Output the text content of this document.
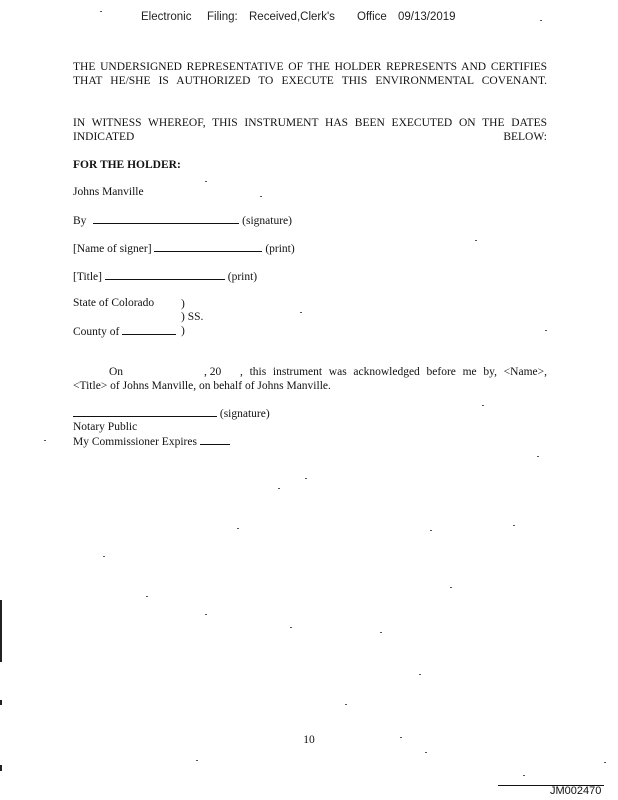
Electronic Filing: Received,Clerk's Office 09/13/2019

THE UNDERSIGNED REPRESENTATIVE OF THE HOLDER REPRESENTS AND CERTIFIES THAT HE/SHE IS AUTHORIZED TO EXECUTE THIS ENVIRONMENTAL COVENANT.

IN WITNESS WHEREOF, THIS INSTRUMENT HAS BEEN EXECUTED ON THE DATES INDICATED BELOW:

FOR THE HOLDER:
Johns Manville
By	(signature)
[Name of signer]	(print)
[Title]	(print)
State of Colorado )
) SS.
County of	)
On	, 20 , this instrument was acknowledged before me by, <Name>,
<Title> of Johns Manville, on behalf of Johns Manville.
(signature)
Notary Public
My Commissioner Expires
10
JM002470
